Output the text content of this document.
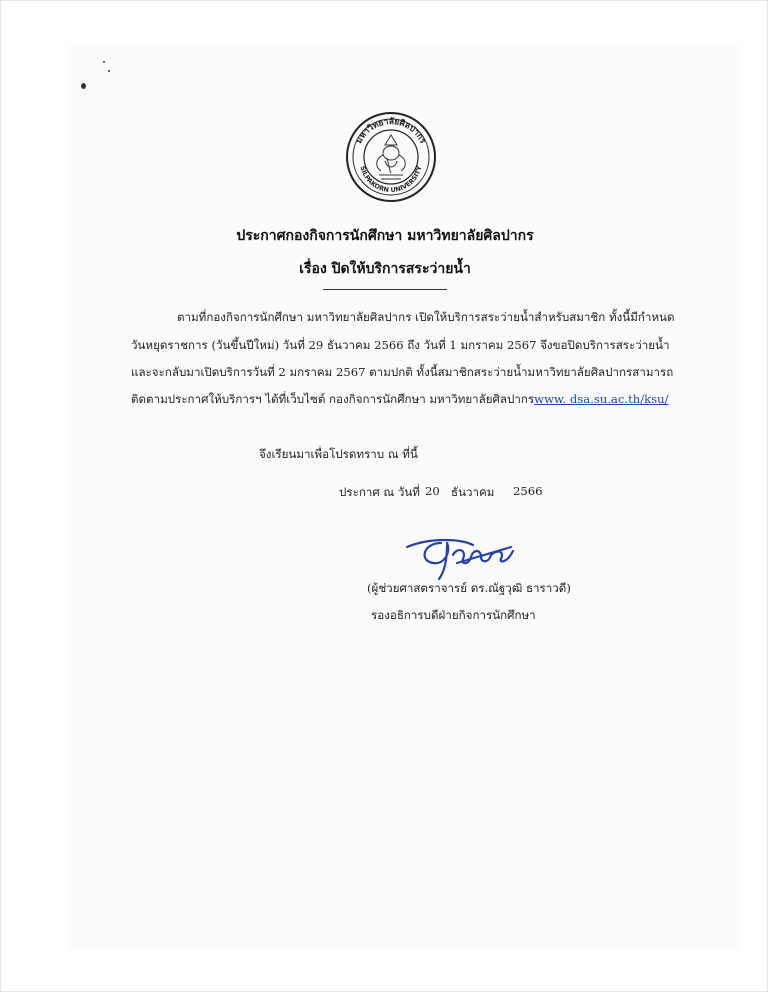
มหาวิทยาลัยศิลปากร
SILPAKORN UNIVERSITY
ประกาศกองกิจการนักศึกษา มหาวิทยาลัยศิลปากร
เรื่อง ปิดให้บริการสระว่ายน้ำ
ตามที่กองกิจการนักศึกษา มหาวิทยาลัยศิลปากร เปิดให้บริการสระว่ายน้ำสำหรับสมาชิก ทั้งนี้มีกำหนด
วันหยุดราชการ (วันขึ้นปีใหม่) วันที่ 29 ธันวาคม 2566 ถึง วันที่ 1 มกราคม 2567 จึงขอปิดบริการสระว่ายน้ำ
และจะกลับมาเปิดบริการวันที่ 2 มกราคม 2567 ตามปกติ ทั้งนี้สมาชิกสระว่ายน้ำมหาวิทยาลัยศิลปากรสามารถ
ติดตามประกาศให้บริการฯ ได้ที่เว็บไซต์ กองกิจการนักศึกษา มหาวิทยาลัยศิลปากรwww. dsa.su.ac.th/ksu/
จึงเรียนมาเพื่อโปรดทราบ ณ ที่นี้
ประกาศ ณ วันที่ 20 ธันวาคม 2566
(ผู้ช่วยศาสตราจารย์ ดร.ณัฐวุฒิ ธาราวดี)
รองอธิการบดีฝ่ายกิจการนักศึกษา
